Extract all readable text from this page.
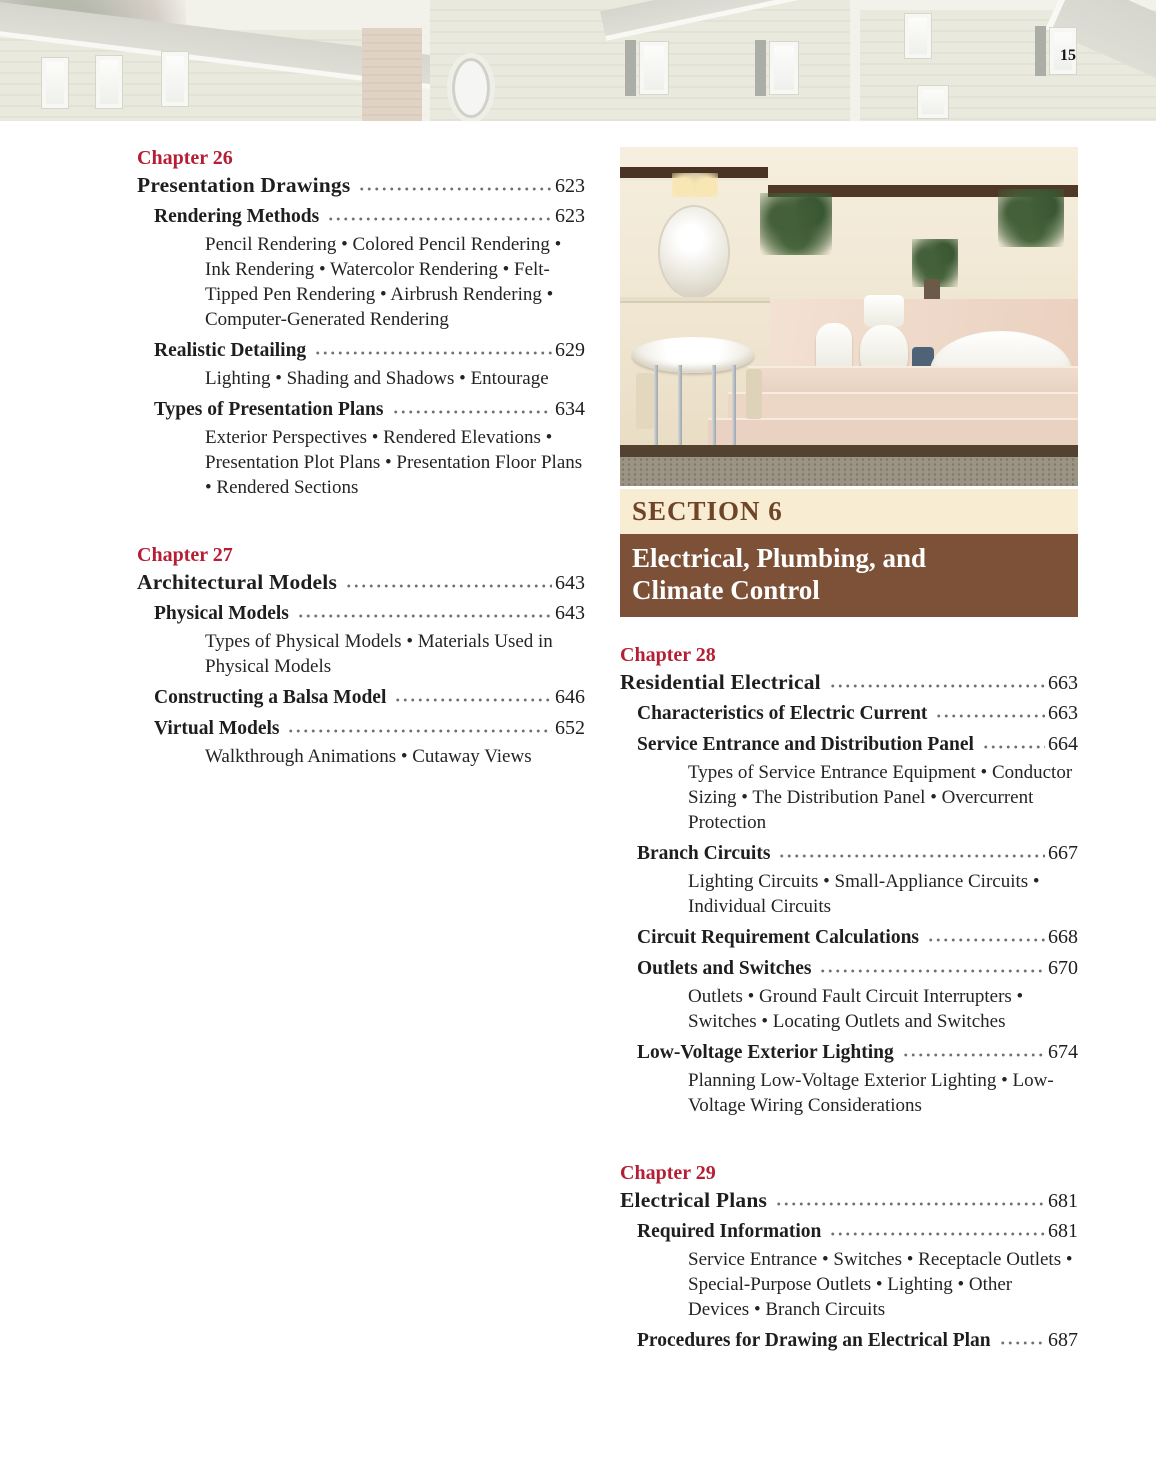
15
Chapter 26
Presentation Drawings	623
Rendering Methods	623

Pencil Rendering • Colored Pencil Rendering • Ink Rendering • Watercolor Rendering • Felt-Tipped Pen Rendering • Airbrush Rendering • Computer-Generated Rendering

Realistic Detailing	629

Lighting • Shading and Shadows • Entourage

Types of Presentation Plans	634

Exterior Perspectives • Rendered Elevations • Presentation Plot Plans • Presentation Floor Plans • Rendered Sections

Chapter 27
Architectural Models	643
Physical Models	643

Types of Physical Models • Materials Used in Physical Models

Constructing a Balsa Model	646
Virtual Models	652

Walkthrough Animations • Cutaway Views

SECTION 6
Electrical, Plumbing, and
Climate Control
Chapter 28
Residential Electrical	663
Characteristics of Electric Current	663
Service Entrance and Distribution Panel	664

Types of Service Entrance Equipment • Conductor Sizing • The Distribution Panel • Overcurrent Protection

Branch Circuits	667

Lighting Circuits • Small-Appliance Circuits • Individual Circuits

Circuit Requirement Calculations	668
Outlets and Switches	670

Outlets • Ground Fault Circuit Interrupters • Switches • Locating Outlets and Switches

Low-Voltage Exterior Lighting	674

Planning Low-Voltage Exterior Lighting • Low-Voltage Wiring Considerations

Chapter 29
Electrical Plans	681
Required Information	681

Service Entrance • Switches • Receptacle Outlets • Special-Purpose Outlets • Lighting • Other Devices • Branch Circuits

Procedures for Drawing an Electrical Plan	687
